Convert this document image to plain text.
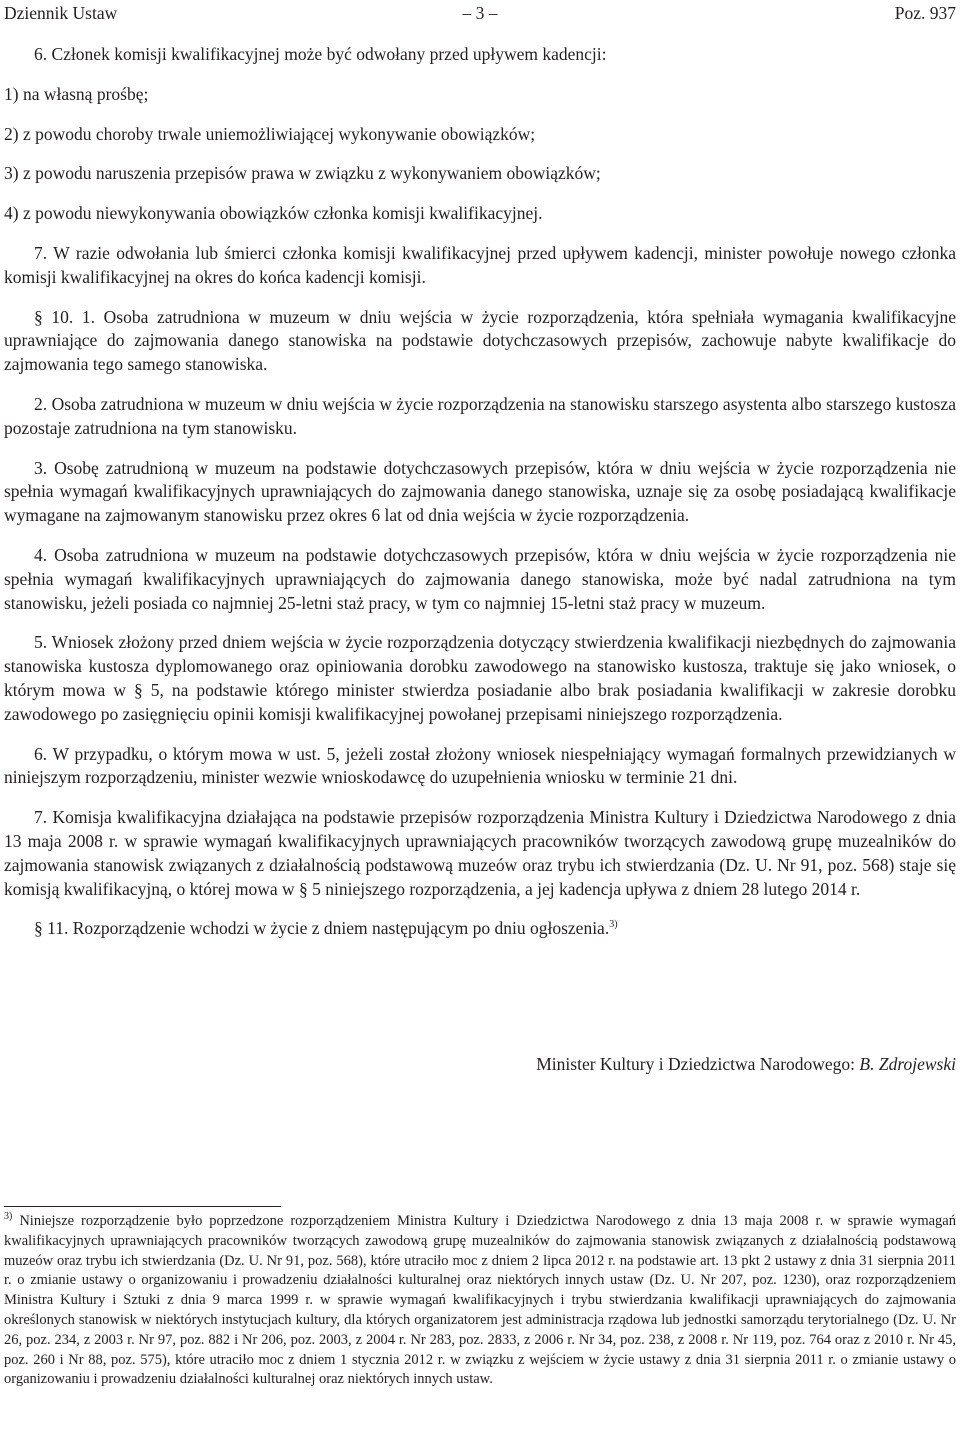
Dziennik Ustaw	– 3 –	Poz. 937

6. Członek komisji kwalifikacyjnej może być odwołany przed upływem kadencji:

1) na własną prośbę;

2) z powodu choroby trwale uniemożliwiającej wykonywanie obowiązków;

3) z powodu naruszenia przepisów prawa w związku z wykonywaniem obowiązków;

4) z powodu niewykonywania obowiązków członka komisji kwalifikacyjnej.

7. W razie odwołania lub śmierci członka komisji kwalifikacyjnej przed upływem kadencji, minister powołuje nowego członka komisji kwalifikacyjnej na okres do końca kadencji komisji.

§ 10. 1. Osoba zatrudniona w muzeum w dniu wejścia w życie rozporządzenia, która spełniała wymagania kwalifikacyjne uprawniające do zajmowania danego stanowiska na podstawie dotychczasowych przepisów, zachowuje nabyte kwalifikacje do zajmowania tego samego stanowiska.

2. Osoba zatrudniona w muzeum w dniu wejścia w życie rozporządzenia na stanowisku starszego asystenta albo starszego kustosza pozostaje zatrudniona na tym stanowisku.

3. Osobę zatrudnioną w muzeum na podstawie dotychczasowych przepisów, która w dniu wejścia w życie rozporządzenia nie spełnia wymagań kwalifikacyjnych uprawniających do zajmowania danego stanowiska, uznaje się za osobę posiadającą kwalifikacje wymagane na zajmowanym stanowisku przez okres 6 lat od dnia wejścia w życie rozporządzenia.

4. Osoba zatrudniona w muzeum na podstawie dotychczasowych przepisów, która w dniu wejścia w życie rozporządzenia nie spełnia wymagań kwalifikacyjnych uprawniających do zajmowania danego stanowiska, może być nadal zatrudniona na tym stanowisku, jeżeli posiada co najmniej 25-letni staż pracy, w tym co najmniej 15-letni staż pracy w muzeum.

5. Wniosek złożony przed dniem wejścia w życie rozporządzenia dotyczący stwierdzenia kwalifikacji niezbędnych do zajmowania stanowiska kustosza dyplomowanego oraz opiniowania dorobku zawodowego na stanowisko kustosza, traktuje się jako wniosek, o którym mowa w § 5, na podstawie którego minister stwierdza posiadanie albo brak posiadania kwalifikacji w zakresie dorobku zawodowego po zasięgnięciu opinii komisji kwalifikacyjnej powołanej przepisami niniejszego rozporządzenia.

6. W przypadku, o którym mowa w ust. 5, jeżeli został złożony wniosek niespełniający wymagań formalnych przewidzianych w niniejszym rozporządzeniu, minister wezwie wnioskodawcę do uzupełnienia wniosku w terminie 21 dni.

7. Komisja kwalifikacyjna działająca na podstawie przepisów rozporządzenia Ministra Kultury i Dziedzictwa Narodowego z dnia 13 maja 2008 r. w sprawie wymagań kwalifikacyjnych uprawniających pracowników tworzących zawodową grupę muzealników do zajmowania stanowisk związanych z działalnością podstawową muzeów oraz trybu ich stwierdzania (Dz. U. Nr 91, poz. 568) staje się komisją kwalifikacyjną, o której mowa w § 5 niniejszego rozporządzenia, a jej kadencja upływa z dniem 28 lutego 2014 r.

§ 11. Rozporządzenie wchodzi w życie z dniem następującym po dniu ogłoszenia.$^{3)}$

Minister Kultury i Dziedzictwa Narodowego: B. Zdrojewski
$^{3)}$ Niniejsze rozporządzenie było poprzedzone rozporządzeniem Ministra Kultury i Dziedzictwa Narodowego z dnia 13 maja 2008 r. w sprawie wymagań kwalifikacyjnych uprawniających pracowników tworzących zawodową grupę muzealników do zajmowania stanowisk związanych z działalnością podstawową muzeów oraz trybu ich stwierdzania (Dz. U. Nr 91, poz. 568), które utraciło moc z dniem 2 lipca 2012 r. na podstawie art. 13 pkt 2 ustawy z dnia 31 sierpnia 2011 r. o zmianie ustawy o organizowaniu i prowadzeniu działalności kulturalnej oraz niektórych innych ustaw (Dz. U. Nr 207, poz. 1230), oraz rozporządzeniem Ministra Kultury i Sztuki z dnia 9 marca 1999 r. w sprawie wymagań kwalifikacyjnych i trybu stwierdzania kwalifikacji uprawniających do zajmowania określonych stanowisk w niektórych instytucjach kultury, dla których organizatorem jest administracja rządowa lub jednostki samorządu terytorialnego (Dz. U. Nr 26, poz. 234, z 2003 r. Nr 97, poz. 882 i Nr 206, poz. 2003, z 2004 r. Nr 283, poz. 2833, z 2006 r. Nr 34, poz. 238, z 2008 r. Nr 119, poz. 764 oraz z 2010 r. Nr 45, poz. 260 i Nr 88, poz. 575), które utraciło moc z dniem 1 stycznia 2012 r. w związku z wejściem w życie ustawy z dnia 31 sierpnia 2011 r. o zmianie ustawy o organizowaniu i prowadzeniu działalności kulturalnej oraz niektórych innych ustaw.
